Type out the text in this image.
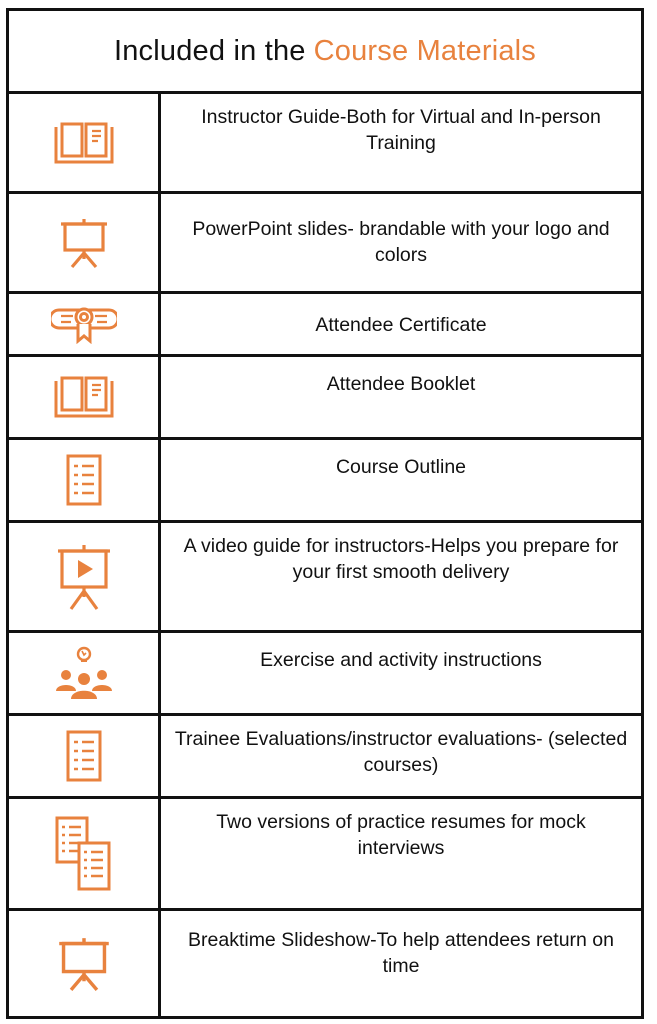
Included in the Course Materials
Instructor Guide-Both for Virtual and In-person Training
PowerPoint slides- brandable with your logo and colors
Attendee Certificate
Attendee Booklet
Course Outline
A video guide for instructors-Helps you prepare for your first smooth delivery
Exercise and activity instructions
Trainee Evaluations/instructor evaluations- (selected courses)
Two versions of practice resumes for mock interviews
Breaktime Slideshow-To help attendees return on time
